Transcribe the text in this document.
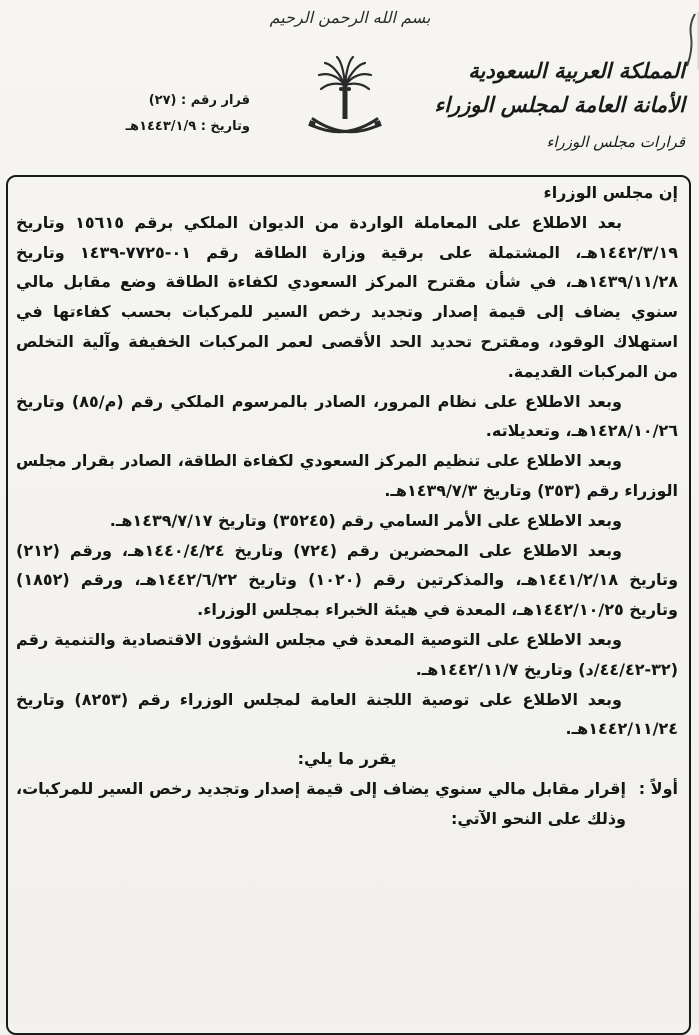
بسم الله الرحمن الرحيم
المملكة العربية السعودية
الأمانة العامة لمجلس الوزراء
قرارات مجلس الوزراء
قرار رقم : (٢٧)
وتاريخ : ١٤٤٣/١/٩هـ

إن مجلس الوزراء

بعد الاطلاع على المعاملة الواردة من الديوان الملكي برقم ١٥٦١٥ وتاريخ ١٤٤٢/٣/١٩هـ، المشتملة على برقية وزارة الطاقة رقم ٠١-٧٧٢٥-١٤٣٩ وتاريخ ١٤٣٩/١١/٢٨هـ، في شأن مقترح المركز السعودي لكفاءة الطاقة وضع مقابل مالي سنوي يضاف إلى قيمة إصدار وتجديد رخص السير للمركبات بحسب كفاءتها في استهلاك الوقود، ومقترح تحديد الحد الأقصى لعمر المركبات الخفيفة وآلية التخلص من المركبات القديمة.

وبعد الاطلاع على نظام المرور، الصادر بالمرسوم الملكي رقم (م/٨٥) وتاريخ ١٤٢٨/١٠/٢٦هـ، وتعديلاته.

وبعد الاطلاع على تنظيم المركز السعودي لكفاءة الطاقة، الصادر بقرار مجلس الوزراء رقم (٣٥٣) وتاريخ ١٤٣٩/٧/٣هـ.

وبعد الاطلاع على الأمر السامي رقم (٣٥٢٤٥) وتاريخ ١٤٣٩/٧/١٧هـ.

وبعد الاطلاع على المحضرين رقم (٧٢٤) وتاريخ ١٤٤٠/٤/٢٤هـ، ورقم (٢١٢) وتاريخ ١٤٤١/٢/١٨هـ، والمذكرتين رقم (١٠٢٠) وتاريخ ١٤٤٢/٦/٢٢هـ، ورقم (١٨٥٢) وتاريخ ١٤٤٢/١٠/٢٥هـ، المعدة في هيئة الخبراء بمجلس الوزراء.

وبعد الاطلاع على التوصية المعدة في مجلس الشؤون الاقتصادية والتنمية رقم (٣٢-٤٤/٤٢/د) وتاريخ ١٤٤٢/١١/٧هـ.

وبعد الاطلاع على توصية اللجنة العامة لمجلس الوزراء رقم (٨٢٥٣) وتاريخ ١٤٤٢/١١/٢٤هـ.

يقرر ما يلي:

أولاً :
إقرار مقابل مالي سنوي يضاف إلى قيمة إصدار وتجديد رخص السير للمركبات، وذلك على النحو الآتي:
